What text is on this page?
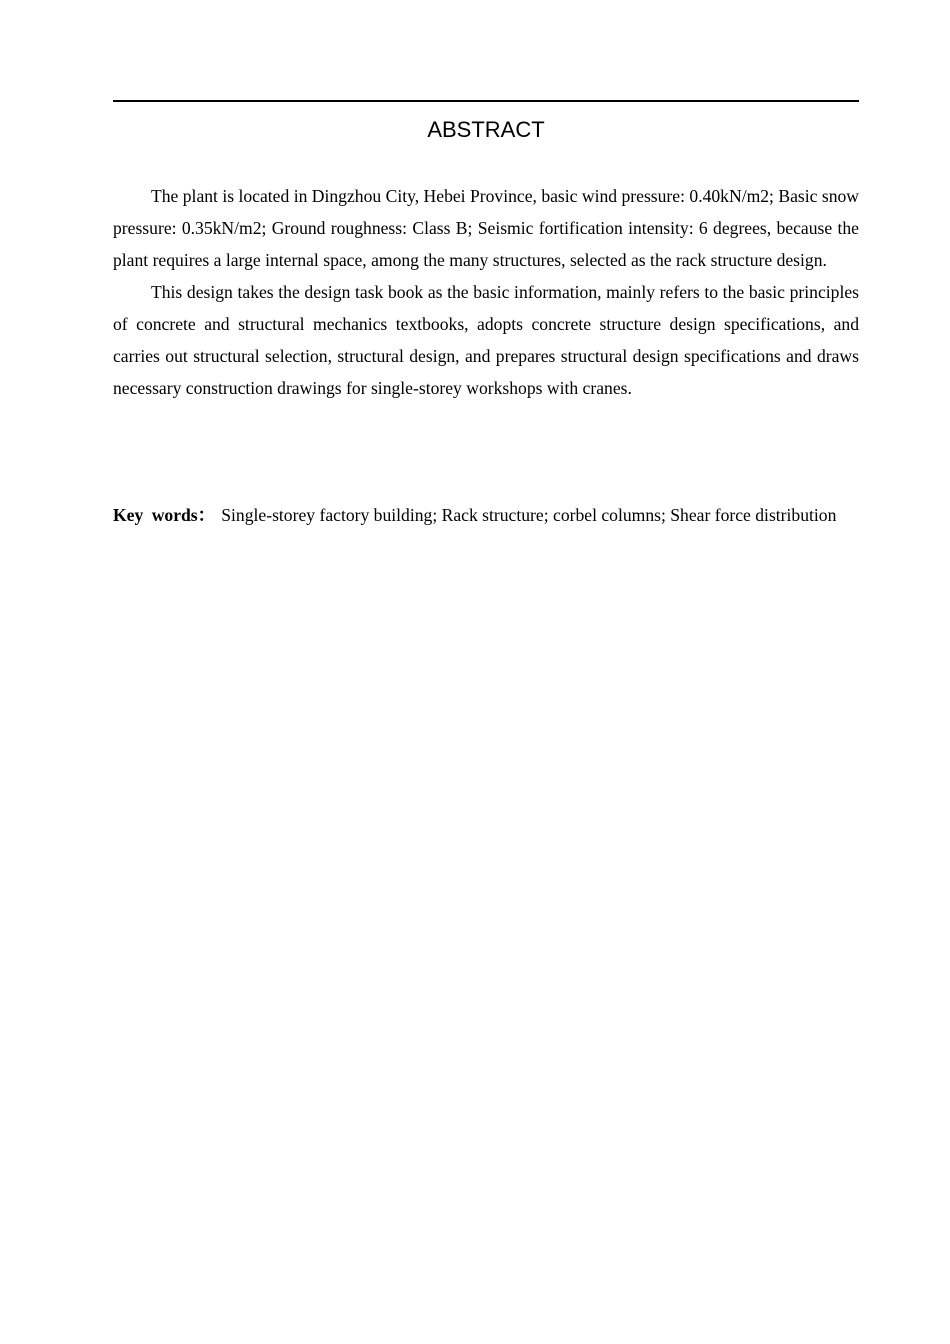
ABSTRACT

The plant is located in Dingzhou City, Hebei Province, basic wind pressure: 0.40kN/m2; Basic snow pressure: 0.35kN/m2; Ground roughness: Class B; Seismic fortification intensity: 6 degrees, because the plant requires a large internal space, among the many structures, selected as the rack structure design.

This design takes the design task book as the basic information, mainly refers to the basic principles of concrete and structural mechanics textbooks, adopts concrete structure design specifications, and carries out structural selection, structural design, and prepares structural design specifications and draws necessary construction drawings for single-storey workshops with cranes.

Key words： Single-storey factory building; Rack structure; corbel columns; Shear force distribution
